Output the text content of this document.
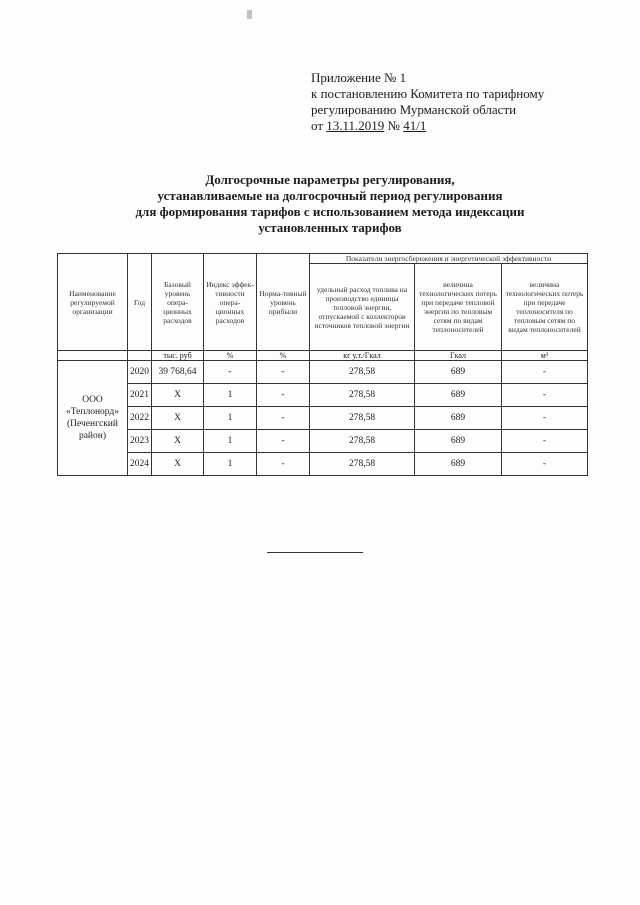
Приложение № 1
к постановлению Комитета по тарифному
регулированию Мурманской области
от 13.11.2019 № 41/1
Долгосрочные параметры регулирования,
устанавливаемые на долгосрочный период регулирования
для формирования тарифов с использованием метода индексации
установленных тарифов
Наименование регулируемой организации	Год	Базовый уровень опера-ционных расходов	Индекс эффек-тивности опера-ционных расходов	Норма-тивный уровень прибыли	Показатели энергосбережения и энергетической эффективности		
					удельный расход топлива на производство единицы тепловой энергии, отпускаемой с коллекторов источников тепловой энергии	величина технологических потерь при передаче тепловой энергии по тепловым сетям по видам теплоносителей	величина технологических потерь при передаче теплоносителя по тепловым сетям по видам теплоносителей
		тыс. руб	%	%	кг у.т./Гкал	Гкал	м³
ООО «Теплонорд» (Печенгский район)	2020	39 768,64	-	-	278,58	689	-
	2021	X	1	-	278,58	689	-
	2022	X	1	-	278,58	689	-
	2023	X	1	-	278,58	689	-
	2024	X	1	-	278,58	689	-
